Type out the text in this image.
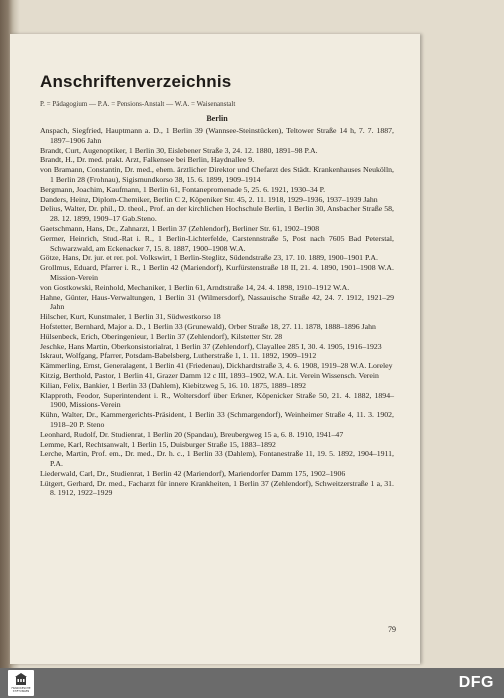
Anschriftenverzeichnis
P. = Pädagogium — P.A. = Pensions-Anstalt — W.A. = Waisenanstalt
Berlin
Anspach, Siegfried, Hauptmann a. D., 1 Berlin 39 (Wannsee-Steinstücken), Teltower Straße 14 h, 7. 7. 1887, 1897–1906 Jahn
Brandt, Curt, Augenoptiker, 1 Berlin 30, Eislebener Straße 3, 24. 12. 1880, 1891–98 P.A.
Brandt, H., Dr. med. prakt. Arzt, Falkensee bei Berlin, Haydnallee 9.
von Bramann, Constantin, Dr. med., ehem. ärztlicher Direktor und Chefarzt des Städt. Krankenhauses Neukölln, 1 Berlin 28 (Frohnau), Sigismundkorso 38, 15. 6. 1899, 1909–1914
Bergmann, Joachim, Kaufmann, 1 Berlin 61, Fontanepromenade 5, 25. 6. 1921, 1930–34 P.
Danders, Heinz, Diplom-Chemiker, Berlin C 2, Köpeniker Str. 45, 2. 11. 1918, 1929–1936, 1937–1939 Jahn
Delius, Walter, Dr. phil., D. theol., Prof. an der kirchlichen Hochschule Berlin, 1 Berlin 30, Ansbacher Straße 58, 28. 12. 1899, 1909–17 Gab.Steno.
Gaetschmann, Hans, Dr., Zahnarzt, 1 Berlin 37 (Zehlendorf), Berliner Str. 61, 1902–1908
Germer, Heinrich, Stud.-Rat i. R., 1 Berlin-Lichterfelde, Carstennstraße 5, Post nach 7605 Bad Peterstal, Schwarzwald, am Eckenacker 7, 15. 8. 1887, 1900–1908 W.A.
Götze, Hans, Dr. jur. et rer. pol. Volkswirt, 1 Berlin-Steglitz, Südendstraße 23, 17. 10. 1889, 1900–1901 P.A.
Grollmus, Eduard, Pfarrer i. R., 1 Berlin 42 (Mariendorf), Kurfürstenstraße 18 II, 21. 4. 1890, 1901–1908 W.A. Mission-Verein
von Gostkowski, Reinhold, Mechaniker, 1 Berlin 61, Arndtstraße 14, 24. 4. 1898, 1910–1912 W.A.
Hahne, Günter, Haus-Verwaltungen, 1 Berlin 31 (Wilmersdorf), Nassauische Straße 42, 24. 7. 1912, 1921–29 Jahn
Hilscher, Kurt, Kunstmaler, 1 Berlin 31, Südwestkorso 18
Hofstetter, Bernhard, Major a. D., 1 Berlin 33 (Grunewald), Orber Straße 18, 27. 11. 1878, 1888–1896 Jahn
Hülsenbeck, Erich, Oberingenieur, 1 Berlin 37 (Zehlendorf), Kilstetter Str. 28
Jeschke, Hans Martin, Oberkonsistorialrat, 1 Berlin 37 (Zehlendorf), Clayallee 285 I, 30. 4. 1905, 1916–1923
Iskraut, Wolfgang, Pfarrer, Potsdam-Babelsberg, Lutherstraße 1, 1. 11. 1892, 1909–1912
Kämmerling, Ernst, Generalagent, 1 Berlin 41 (Friedenau), Dickhardtstraße 3, 4. 6. 1908, 1919–28 W.A. Loreley
Kitzig, Berthold, Pastor, 1 Berlin 41, Grazer Damm 12 c III, 1893–1902, W.A. Lit. Verein Wissensch. Verein
Kilian, Felix, Bankier, 1 Berlin 33 (Dahlem), Kiebitzweg 5, 16. 10. 1875, 1889–1892
Klapproth, Feodor, Superintendent i. R., Woltersdorf über Erkner, Köpenicker Straße 50, 21. 4. 1882, 1894–1900, Missions-Verein
Kühn, Walter, Dr., Kammergerichts-Präsident, 1 Berlin 33 (Schmargendorf), Weinheimer Straße 4, 11. 3. 1902, 1918–20 P. Steno
Leonhard, Rudolf, Dr. Studienrat, 1 Berlin 20 (Spandau), Breubergweg 15 a, 6. 8. 1910, 1941–47
Lemme, Karl, Rechtsanwalt, 1 Berlin 15, Duisburger Straße 15, 1883–1892
Lerche, Martin, Prof. em., Dr. med., Dr. h. c., 1 Berlin 33 (Dahlem), Fontanestraße 11, 19. 5. 1892, 1904–1911, P.A.
Liederwald, Carl, Dr., Studienrat, 1 Berlin 42 (Mariendorf), Mariendorfer Damm 175, 1902–1906
Lütgert, Gerhard, Dr. med., Facharzt für innere Krankheiten, 1 Berlin 37 (Zehlendorf), Schweitzerstraße 1 a, 31. 8. 1912, 1922–1929
79
FRANCKESCHE STIFTUNGEN
DFG
